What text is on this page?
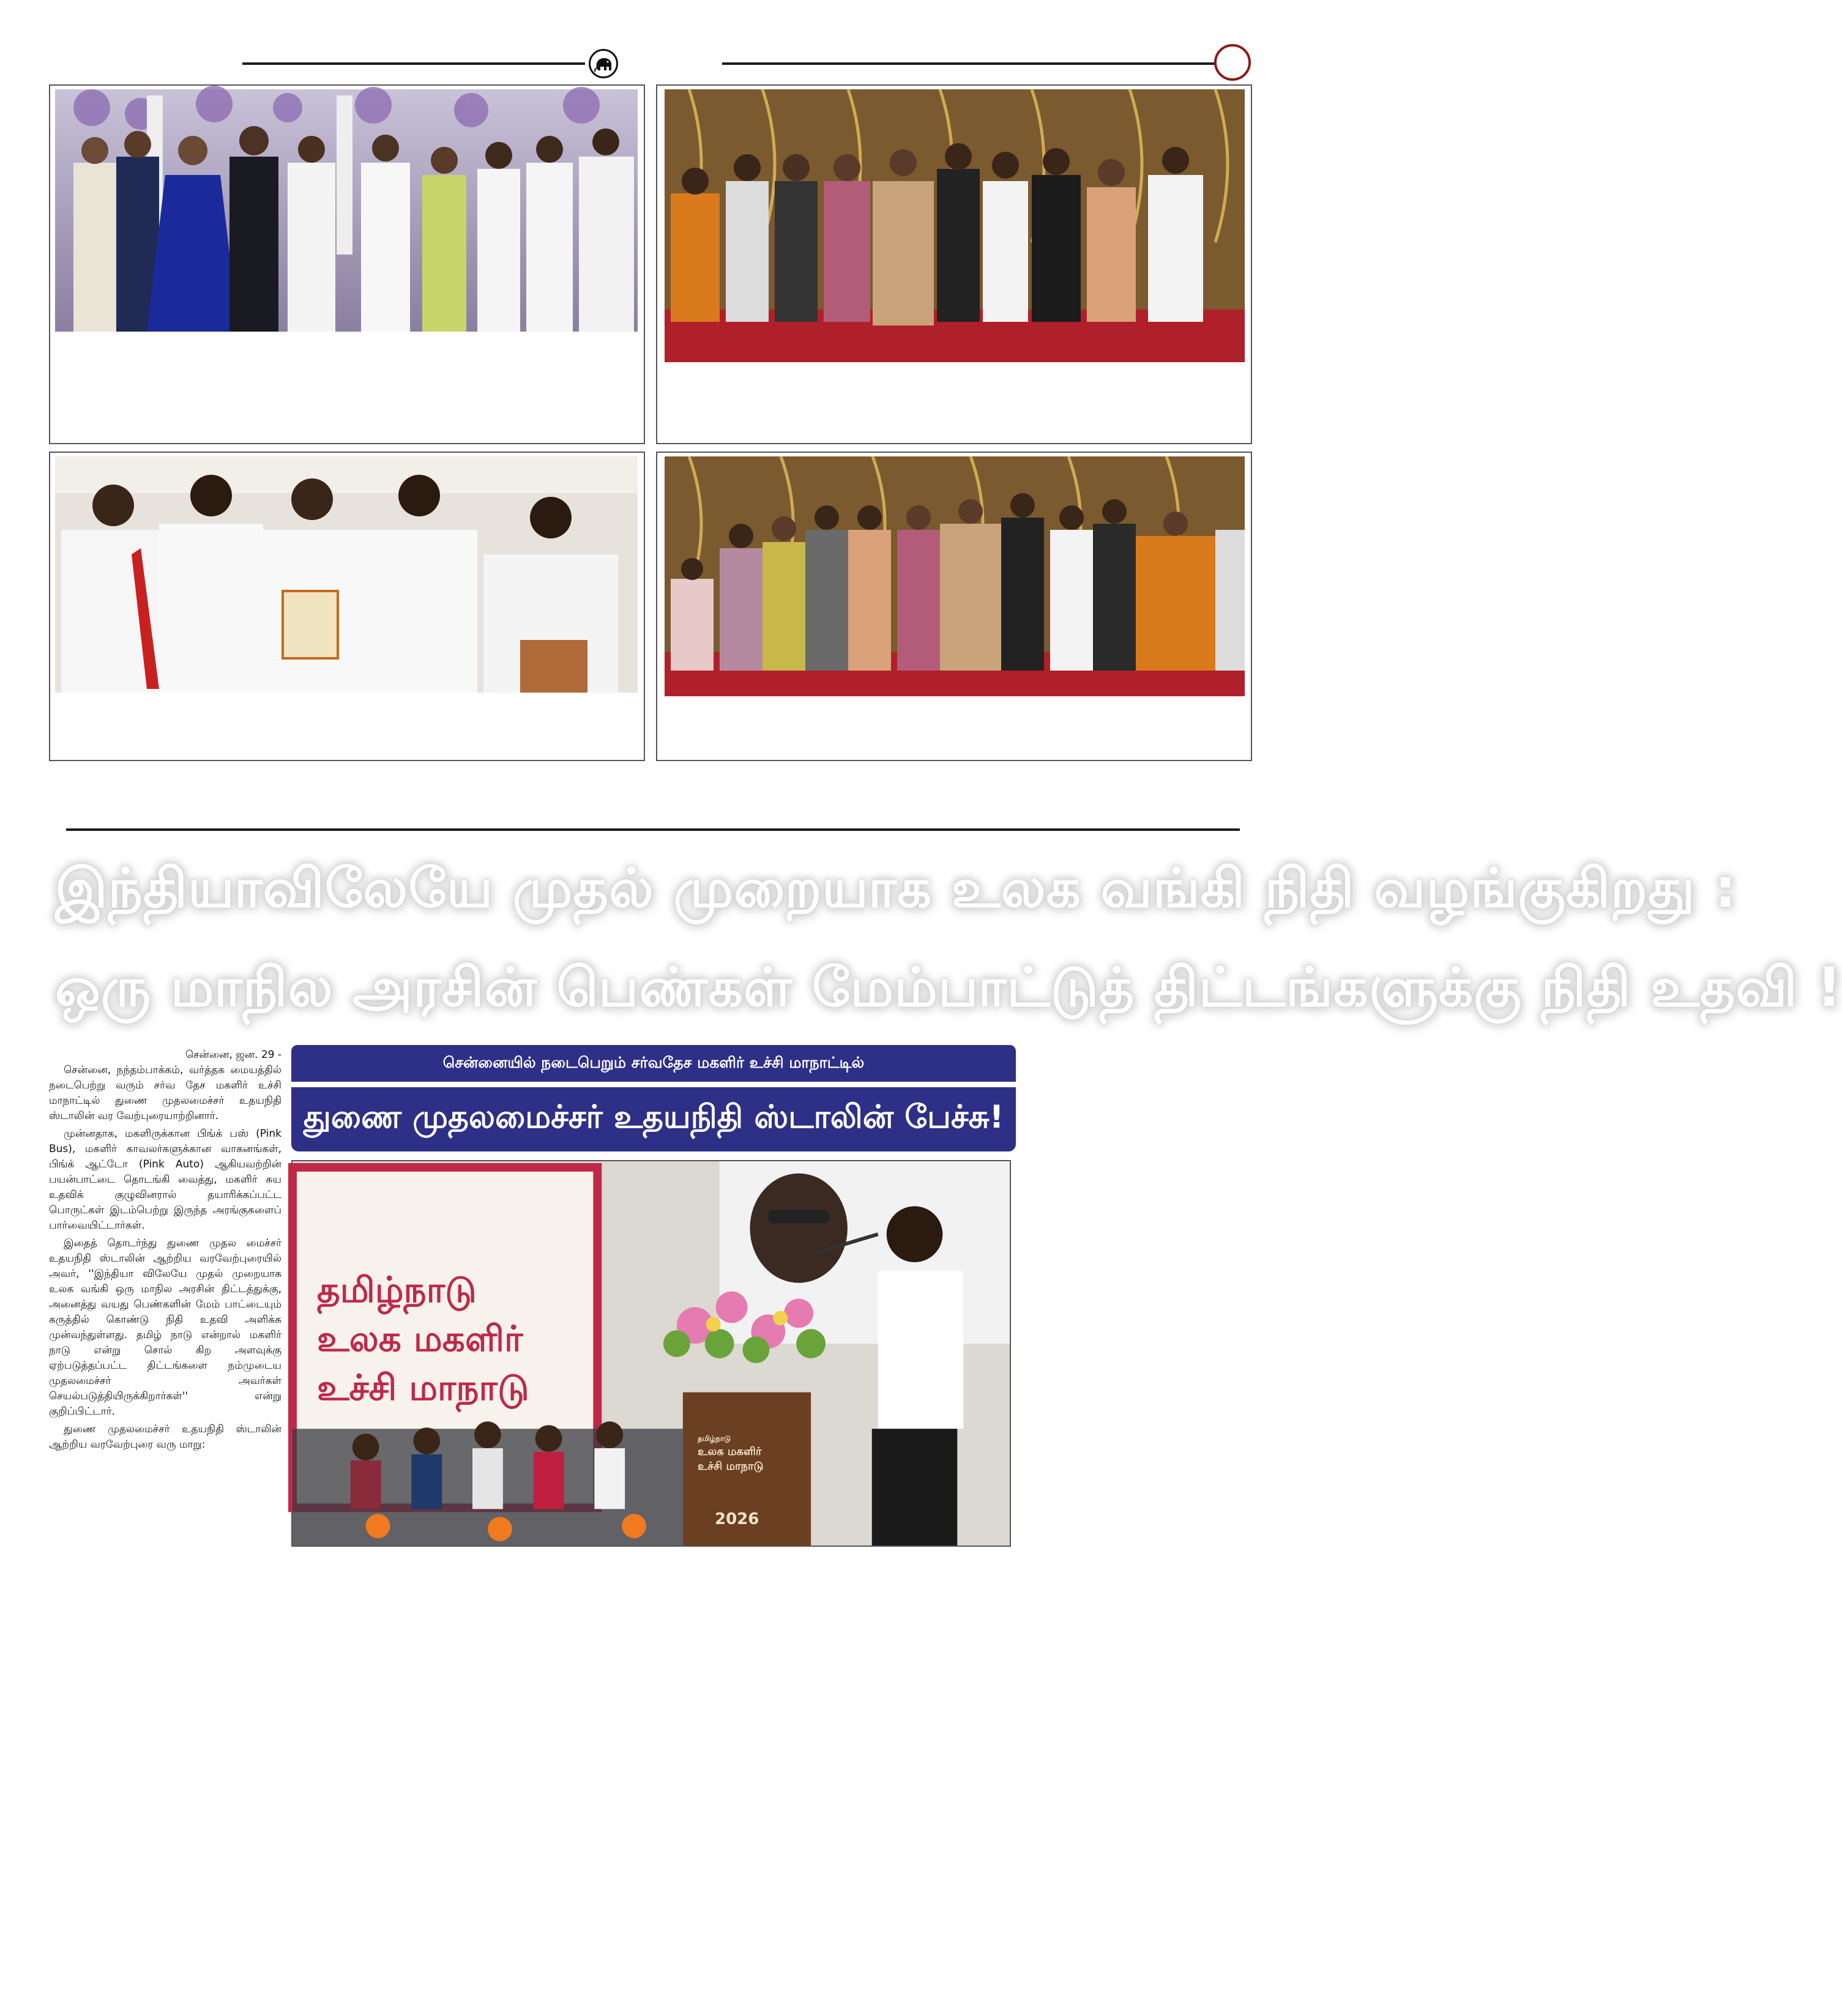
இந்தியாவிலேயே முதல் முறையாக உலக வங்கி நிதி வழங்குகிறது :
ஒரு மாநில அரசின் பெண்கள் மேம்பாட்டுத் திட்டங்களுக்கு நிதி உதவி !

சென்னை, ஜன. 29 -

சென்னை, நந்தம்பாக்கம், வர்த்தக மையத்தில் நடைபெற்று வரும் சர்வ தேச மகளிர் உச்சி மாநாட்டில் துணை முதலமைச்சர் உதயநிதி ஸ்டாலின் வர வேற்புரையாற்றினார்.

முன்னதாக, மகளிருக்கான பிங்க் பஸ் (Pink Bus), மகளிர் காவலர்களுக்கான வாகனங்கள், பிங்க் ஆட்டோ (Pink Auto) ஆகியவற்றின் பயன்பாட்டை தொடங்கி வைத்து, மகளிர் சுய உதவிக் குழுவினரால் தயாரிக்கப்பட்ட பொருட்கள் இடம்பெற்று இருந்த அரங்குகளைப் பார்வையிட்டார்கள்.

இதைத் தொடர்ந்து துணை முதல மைச்சர் உதயநிதி ஸ்டாலின் ஆற்றிய வரவேற்புரையில் அவர், ''இந்தியா விலேயே முதல் முறையாக உலக வங்கி ஒரு மாநில அரசின் திட்டத்துக்கு, அனைத்து வயது பெண்களின் மேம் பாட்டையும் கருத்தில் கொண்டு நிதி உதவி அளிக்க முன்வந்துள்ளது. தமிழ் நாடு என்றால் மகளிர் நாடு என்று சொல் கிற அளவுக்கு ஏற்படுத்தப்பட்ட திட்டங்களை நம்முடைய முதலமைச்சர் அவர்கள் செயல்படுத்தியிருக்கிறார்கள்'' என்று குறிப்பிட்டார்.

துணை முதலமைச்சர் உதயநிதி ஸ்டாலின் ஆற்றிய வரவேற்புரை வரு மாறு:

சென்னையில் நடைபெறும் சர்வதேச மகளிர் உச்சி மாநாட்டில்
துணை முதலமைச்சர் உதயநிதி ஸ்டாலின் பேச்சு!
தமிழ்நாடு
உலக மகளிர்
உச்சி மாநாடு
தமிழ்நாடு
உலக மகளிர்
உச்சி மாநாடு
2026
